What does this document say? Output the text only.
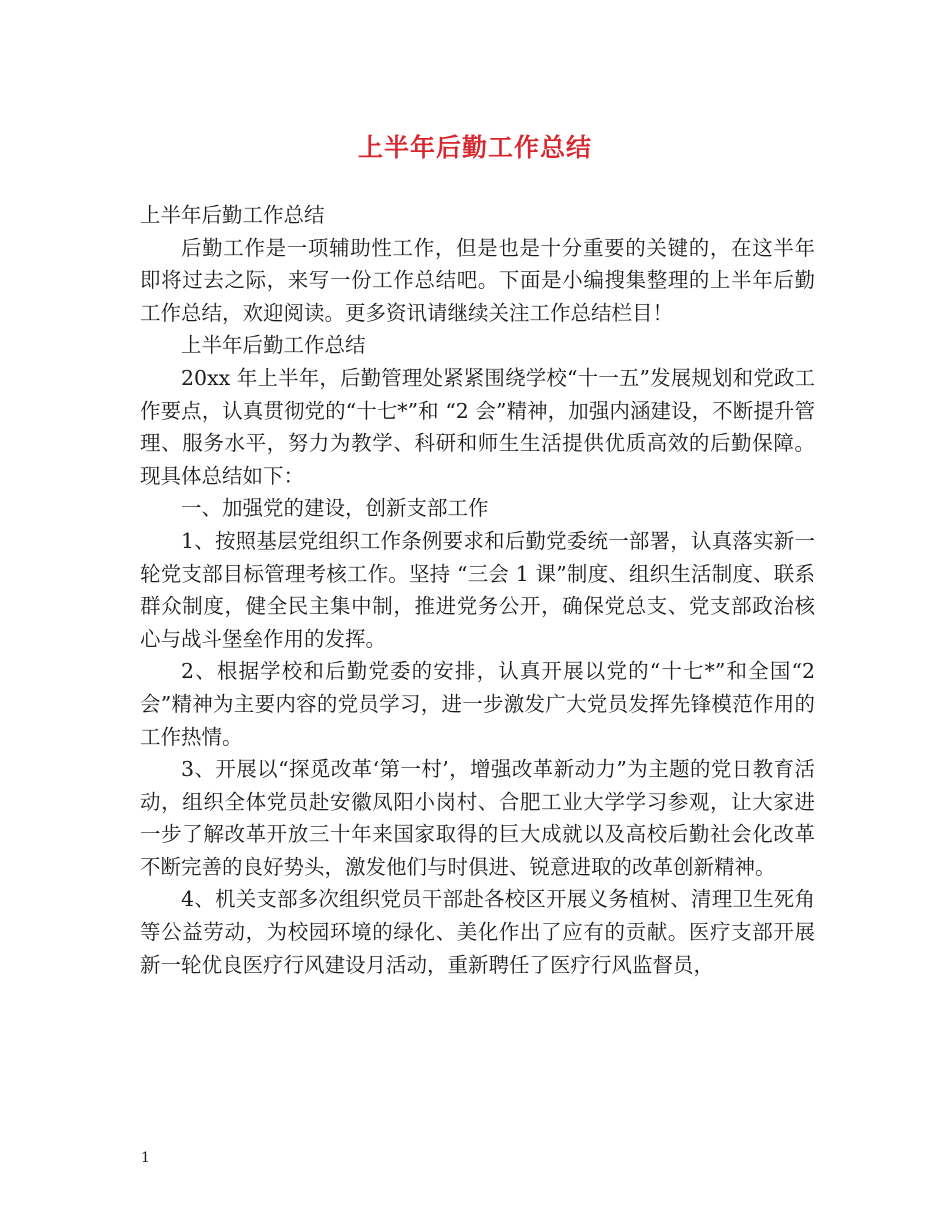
上半年后勤工作总结

上半年后勤工作总结

后勤工作是一项辅助性工作，但是也是十分重要的关键的，在这半年即将过去之际，来写一份工作总结吧。下面是小编搜集整理的上半年后勤工作总结，欢迎阅读。更多资讯请继续关注工作总结栏目！

上半年后勤工作总结

20xx 年上半年，后勤管理处紧紧围绕学校“十一五”发展规划和党政工作要点，认真贯彻党的“十七*”和 “2 会”精神，加强内涵建设，不断提升管理、服务水平，努力为教学、科研和师生生活提供优质高效的后勤保障。现具体总结如下：

一、加强党的建设，创新支部工作

1、按照基层党组织工作条例要求和后勤党委统一部署，认真落实新一轮党支部目标管理考核工作。坚持 “三会 1 课”制度、组织生活制度、联系群众制度，健全民主集中制，推进党务公开，确保党总支、党支部政治核心与战斗堡垒作用的发挥。

2、根据学校和后勤党委的安排，认真开展以党的“十七*”和全国“2 会”精神为主要内容的党员学习，进一步激发广大党员发挥先锋模范作用的工作热情。

3、开展以“探觅改革‘第一村’，增强改革新动力”为主题的党日教育活动，组织全体党员赴安徽凤阳小岗村、合肥工业大学学习参观，让大家进一步了解改革开放三十年来国家取得的巨大成就以及高校后勤社会化改革不断完善的良好势头，激发他们与时俱进、锐意进取的改革创新精神。

4、机关支部多次组织党员干部赴各校区开展义务植树、清理卫生死角等公益劳动，为校园环境的绿化、美化作出了应有的贡献。医疗支部开展新一轮优良医疗行风建设月活动，重新聘任了医疗行风监督员，

1
